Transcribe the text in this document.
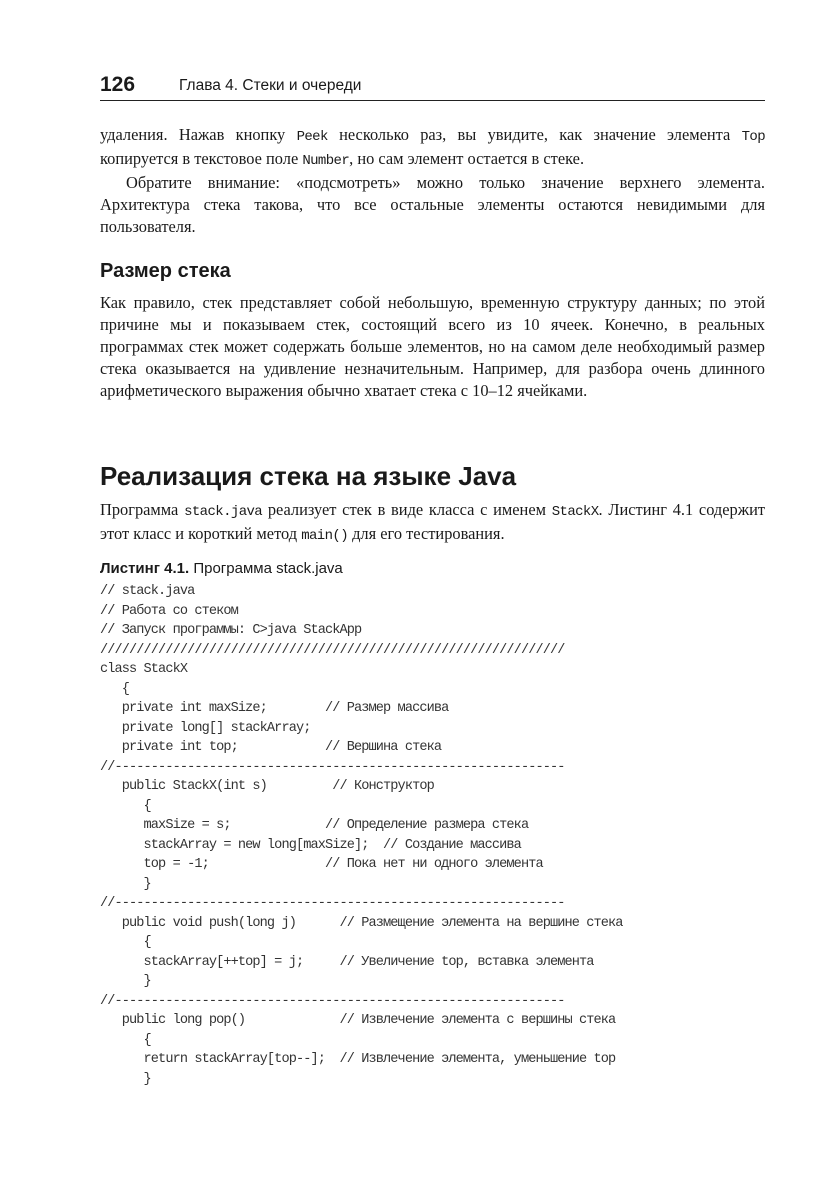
126	Глава 4. Стеки и очереди

удаления. Нажав кнопку Peek несколько раз, вы увидите, как значение элемента Top копируется в текстовое поле Number, но сам элемент остается в стеке.

Обратите внимание: «подсмотреть» можно только значение верхнего элемента. Архитектура стека такова, что все остальные элементы остаются невидимыми для пользователя.

Размер стека

Как правило, стек представляет собой небольшую, временную структуру данных; по этой причине мы и показываем стек, состоящий всего из 10 ячеек. Конечно, в реальных программах стек может содержать больше элементов, но на самом деле необходимый размер стека оказывается на удивление незначительным. Например, для разбора очень длинного арифметического выражения обычно хватает стека с 10–12 ячейками.

Реализация стека на языке Java

Программа stack.java реализует стек в виде класса с именем StackX. Листинг 4.1 содержит этот класс и короткий метод main() для его тестирования.

Листинг 4.1. Программа stack.java
// stack.java
// Работа со стеком
// Запуск программы: C>java StackApp
////////////////////////////////////////////////////////////////
class StackX
{
private int maxSize;        // Размер массива
private long[] stackArray;
private int top;            // Вершина стека
//--------------------------------------------------------------
public StackX(int s)         // Конструктор
{
maxSize = s;             // Определение размера стека
stackArray = new long[maxSize];  // Создание массива
top = -1;                // Пока нет ни одного элемента
}
//--------------------------------------------------------------
public void push(long j)      // Размещение элемента на вершине стека
{
stackArray[++top] = j;     // Увеличение top, вставка элемента
}
//--------------------------------------------------------------
public long pop()             // Извлечение элемента с вершины стека
{
return stackArray[top--];  // Извлечение элемента, уменьшение top
}
